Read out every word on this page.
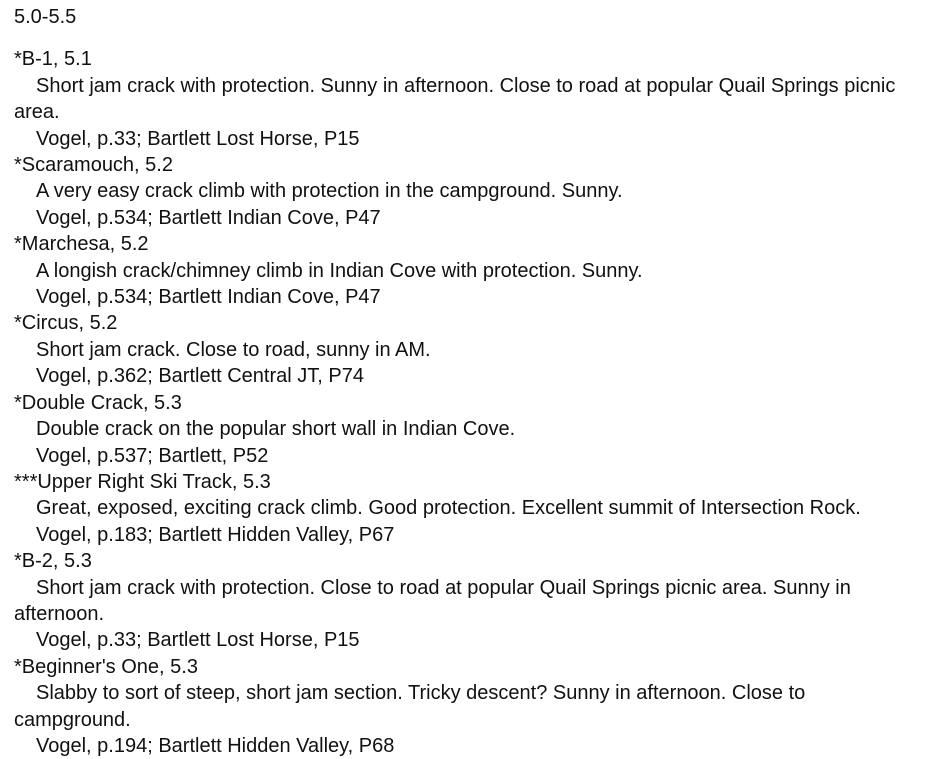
5.0-5.5
*B-1, 5.1
Short jam crack with protection. Sunny in afternoon. Close to road at popular Quail Springs picnic area.
Vogel, p.33; Bartlett Lost Horse, P15
*Scaramouch, 5.2
A very easy crack climb with protection in the campground. Sunny.
Vogel, p.534; Bartlett Indian Cove, P47
*Marchesa, 5.2
A longish crack/chimney climb in Indian Cove with protection. Sunny.
Vogel, p.534; Bartlett Indian Cove, P47
*Circus, 5.2
Short jam crack. Close to road, sunny in AM.
Vogel, p.362; Bartlett Central JT, P74
*Double Crack, 5.3
Double crack on the popular short wall in Indian Cove.
Vogel, p.537; Bartlett, P52
***Upper Right Ski Track, 5.3
Great, exposed, exciting crack climb. Good protection. Excellent summit of Intersection Rock.
Vogel, p.183; Bartlett Hidden Valley, P67
*B-2, 5.3
Short jam crack with protection. Close to road at popular Quail Springs picnic area. Sunny in afternoon.
Vogel, p.33; Bartlett Lost Horse, P15
*Beginner's One, 5.3
Slabby to sort of steep, short jam section. Tricky descent? Sunny in afternoon. Close to campground.
Vogel, p.194; Bartlett Hidden Valley, P68
